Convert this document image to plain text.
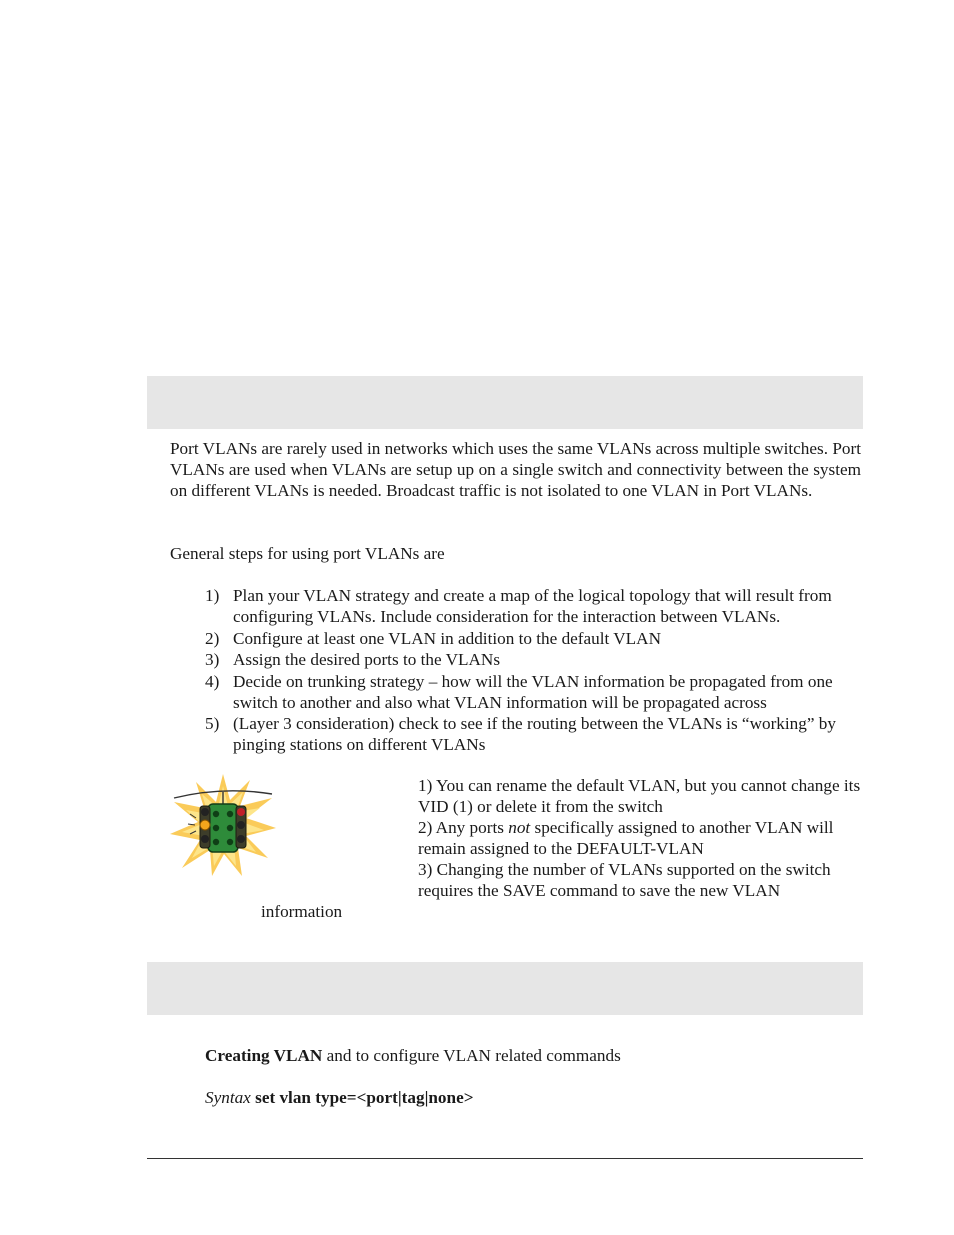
Port VLANs are rarely used in networks which uses the same VLANs across multiple switches. Port VLANs are used when VLANs are setup up on a single switch and connectivity between the system on different VLANs is needed. Broadcast traffic is not isolated to one VLAN in Port VLANs.

General steps for using port VLANs are

1) Plan your VLAN strategy and create a map of the logical topology that will result from configuring VLANs. Include consideration for the interaction between VLANs.
2) Configure at least one VLAN in addition to the default VLAN
3) Assign the desired ports to the VLANs
4) Decide on trunking strategy – how will the VLAN information be propagated from one switch to another and also what VLAN information will be propagated across
5) (Layer 3 consideration) check to see if the routing between the VLANs is “working” by pinging stations on different VLANs
1) You can rename the default VLAN, but you cannot change its VID (1) or delete it from the switch
2) Any ports not specifically assigned to another VLAN will remain assigned to the DEFAULT-VLAN
3) Changing the number of VLANs supported on the switch requires the SAVE command to save the new VLAN
information
Creating VLAN and to configure VLAN related commands
Syntax set vlan type=<port|tag|none>
